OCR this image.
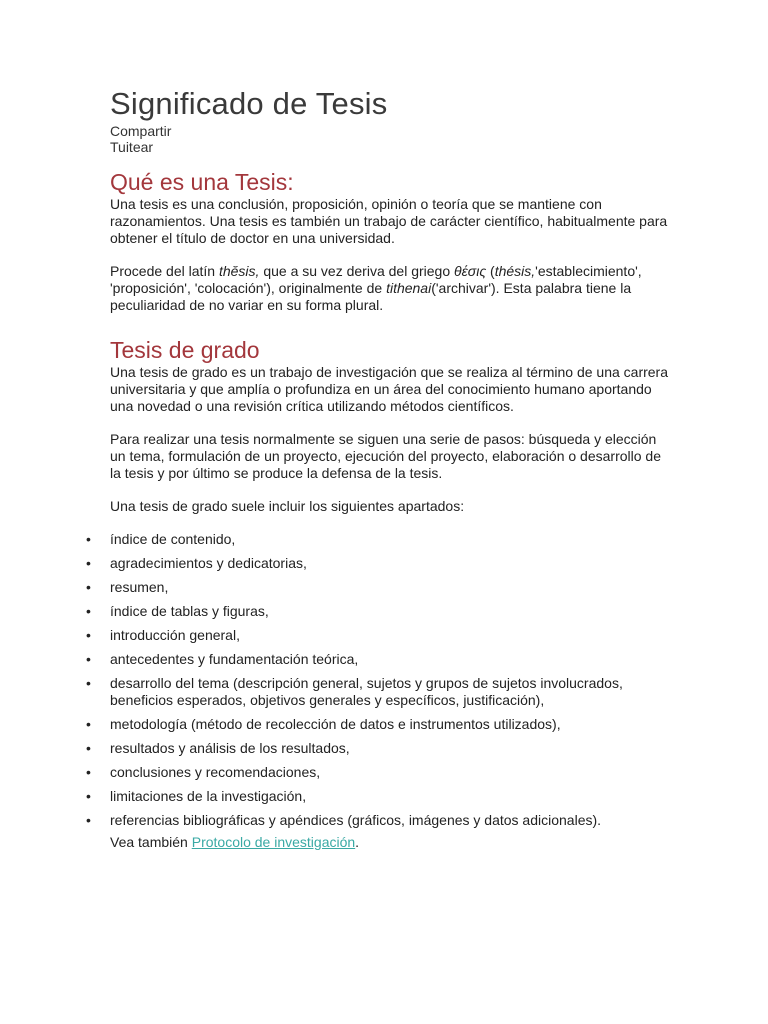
Significado de Tesis
Compartir
Tuitear
Qué es una Tesis:

Una tesis es una conclusión, proposición, opinión o teoría que se mantiene con razonamientos. Una tesis es también un trabajo de carácter científico, habitualmente para obtener el título de doctor en una universidad.

Procede del latín thĕsis, que a su vez deriva del griego θέσις (thésis,'establecimiento', 'proposición', 'colocación'), originalmente de tithenai('archivar'). Esta palabra tiene la peculiaridad de no variar en su forma plural.

Tesis de grado

Una tesis de grado es un trabajo de investigación que se realiza al término de una carrera universitaria y que amplía o profundiza en un área del conocimiento humano aportando una novedad o una revisión crítica utilizando métodos científicos.

Para realizar una tesis normalmente se siguen una serie de pasos: búsqueda y elección un tema, formulación de un proyecto, ejecución del proyecto, elaboración o desarrollo de la tesis y por último se produce la defensa de la tesis.

Una tesis de grado suele incluir los siguientes apartados:

• índice de contenido,
• agradecimientos y dedicatorias,
• resumen,
• índice de tablas y figuras,
• introducción general,
• antecedentes y fundamentación teórica,
• desarrollo del tema (descripción general, sujetos y grupos de sujetos involucrados, beneficios esperados, objetivos generales y específicos, justificación),
• metodología (método de recolección de datos e instrumentos utilizados),
• resultados y análisis de los resultados,
• conclusiones y recomendaciones,
• limitaciones de la investigación,
• referencias bibliográficas y apéndices (gráficos, imágenes y datos adicionales).
Vea también Protocolo de investigación.
